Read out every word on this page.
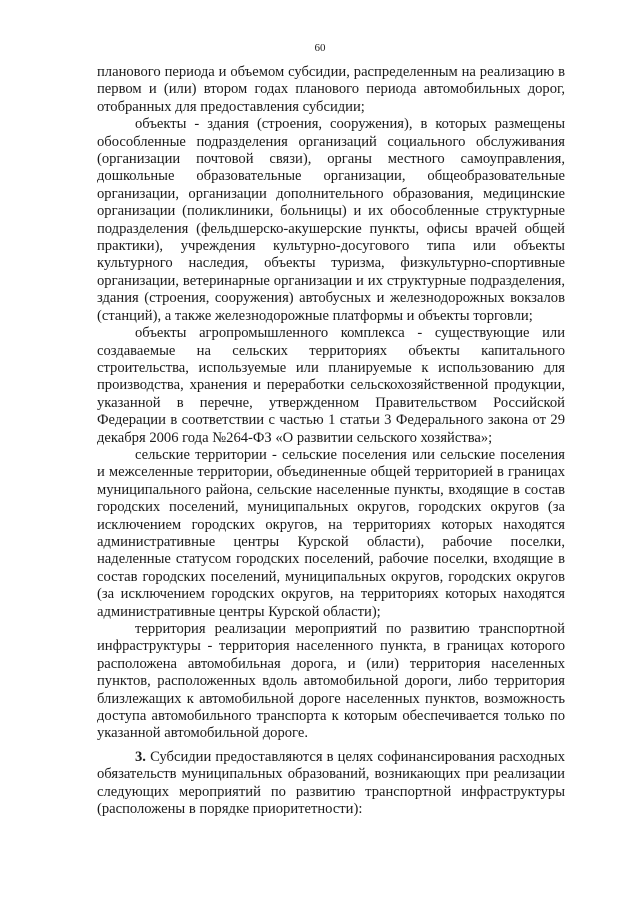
60

планового периода и объемом субсидии, распределенным на реализацию в первом и (или) втором годах планового периода автомобильных дорог, отобранных для предоставления субсидии;

объекты - здания (строения, сооружения), в которых размещены обособленные подразделения организаций социального обслуживания (организации почтовой связи), органы местного самоуправления, дошкольные образовательные организации, общеобразовательные организации, организации дополнительного образования, медицинские организации (поликлиники, больницы) и их обособленные структурные подразделения (фельдшерско-акушерские пункты, офисы врачей общей практики), учреждения культурно-досугового типа или объекты культурного наследия, объекты туризма, физкультурно-спортивные организации, ветеринарные организации и их структурные подразделения, здания (строения, сооружения) автобусных и железнодорожных вокзалов (станций), а также железнодорожные платформы и объекты торговли;

объекты агропромышленного комплекса - существующие или создаваемые на сельских территориях объекты капитального строительства, используемые или планируемые к использованию для производства, хранения и переработки сельскохозяйственной продукции, указанной в перечне, утвержденном Правительством Российской Федерации в соответствии с частью 1 статьи 3 Федерального закона от 29 декабря 2006 года №264-ФЗ «О развитии сельского хозяйства»;

сельские территории - сельские поселения или сельские поселения и межселенные территории, объединенные общей территорией в границах муниципального района, сельские населенные пункты, входящие в состав городских поселений, муниципальных округов, городских округов (за исключением городских округов, на территориях которых находятся административные центры Курской области), рабочие поселки, наделенные статусом городских поселений, рабочие поселки, входящие в состав городских поселений, муниципальных округов, городских округов (за исключением городских округов, на территориях которых находятся административные центры Курской области);

территория реализации мероприятий по развитию транспортной инфраструктуры - территория населенного пункта, в границах которого расположена автомобильная дорога, и (или) территория населенных пунктов, расположенных вдоль автомобильной дороги, либо территория близлежащих к автомобильной дороге населенных пунктов, возможность доступа автомобильного транспорта к которым обеспечивается только по указанной автомобильной дороге.

3. Субсидии предоставляются в целях софинансирования расходных обязательств муниципальных образований, возникающих при реализации следующих мероприятий по развитию транспортной инфраструктуры (расположены в порядке приоритетности):
